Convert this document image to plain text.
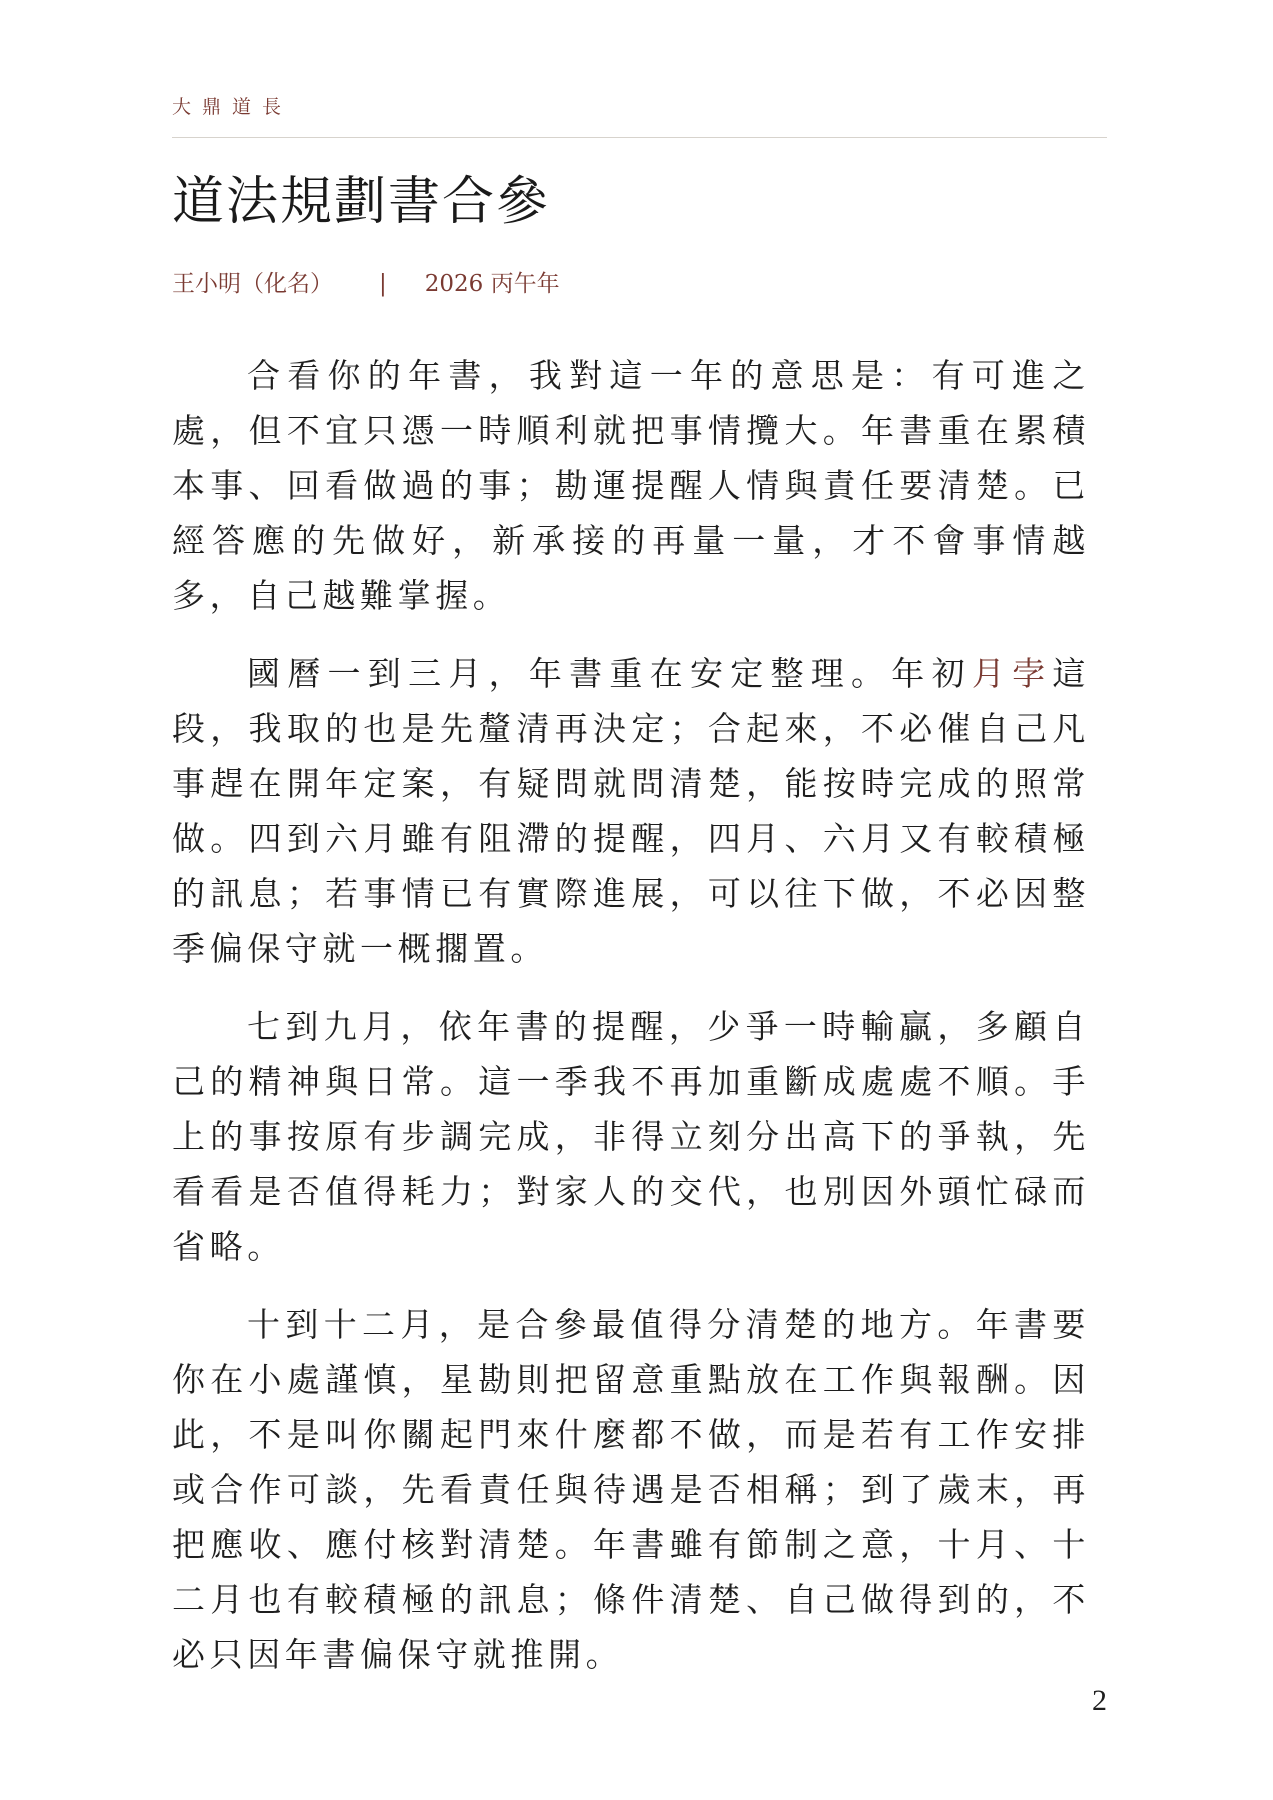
大鼎道長
道法規劃書合參
王小明（化名） | 2026 丙午年

合看你的年書，我對這一年的意思是：有可進之處，但不宜只憑一時順利就把事情攬大。年書重在累積本事、回看做過的事；勘運提醒人情與責任要清楚。已經答應的先做好，新承接的再量一量，才不會事情越多，自己越難掌握。

國曆一到三月，年書重在安定整理。年初月孛這段，我取的也是先釐清再決定；合起來，不必催自己凡事趕在開年定案，有疑問就問清楚，能按時完成的照常做。四到六月雖有阻滯的提醒，四月、六月又有較積極的訊息；若事情已有實際進展，可以往下做，不必因整季偏保守就一概擱置。

七到九月，依年書的提醒，少爭一時輸贏，多顧自己的精神與日常。這一季我不再加重斷成處處不順。手上的事按原有步調完成，非得立刻分出高下的爭執，先看看是否值得耗力；對家人的交代，也別因外頭忙碌而省略。

十到十二月，是合參最值得分清楚的地方。年書要你在小處謹慎，星勘則把留意重點放在工作與報酬。因此，不是叫你關起門來什麼都不做，而是若有工作安排或合作可談，先看責任與待遇是否相稱；到了歲末，再把應收、應付核對清楚。年書雖有節制之意，十月、十二月也有較積極的訊息；條件清楚、自己做得到的，不必只因年書偏保守就推開。

2
